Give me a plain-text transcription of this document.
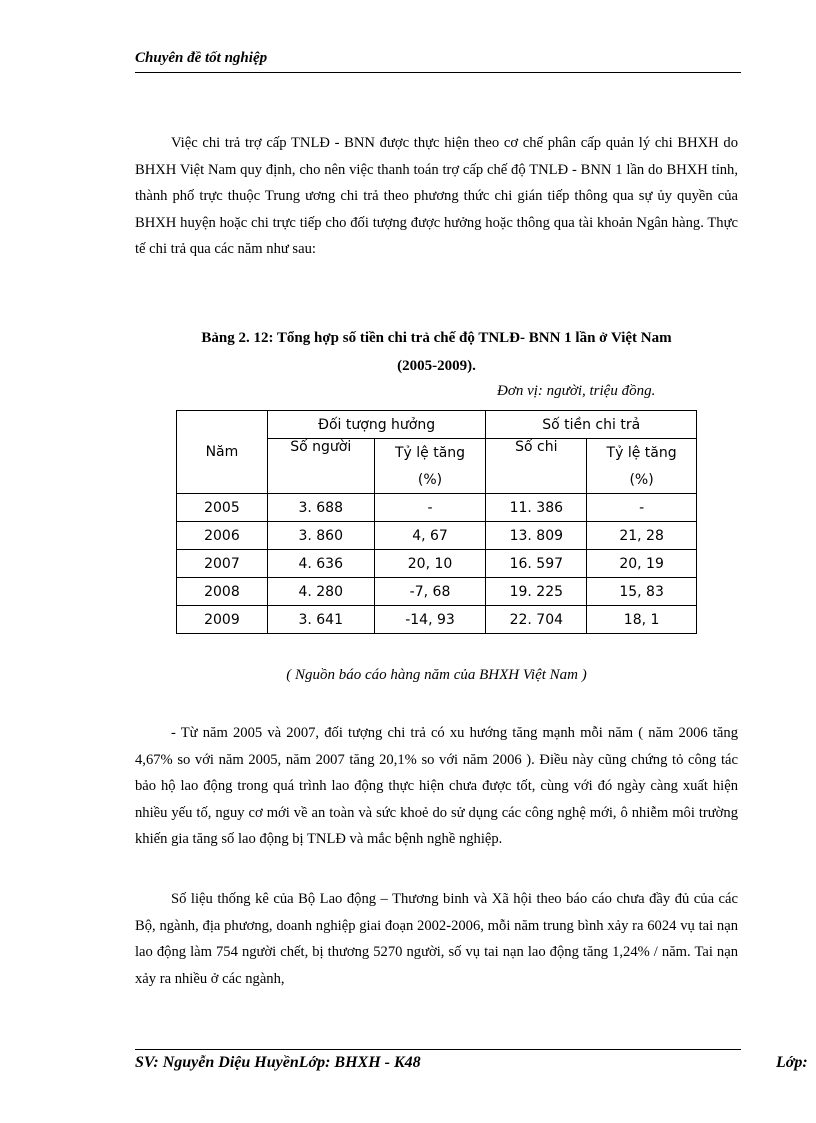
Chuyên đề tốt nghiệp

Việc chi trả trợ cấp TNLĐ - BNN được thực hiện theo cơ chế phân cấp quản lý chi BHXH do BHXH Việt Nam quy định, cho nên việc thanh toán trợ cấp chế độ TNLĐ - BNN 1 lần do BHXH tỉnh, thành phố trực thuộc Trung ương chi trả theo phương thức chi gián tiếp thông qua sự ủy quyền của BHXH huyện hoặc chi trực tiếp cho đối tượng được hưởng hoặc thông qua tài khoản Ngân hàng. Thực tế chi trả qua các năm như sau:

Bảng 2. 12: Tổng hợp số tiền chi trả chế độ TNLĐ- BNN 1 lần ở Việt Nam
(2005-2009).
Đơn vị: người, triệu đồng.
Năm	Đối tượng hưởng		Số tiền chi trả	
	Số người	Tỷ lệ tăng	Số chi	Tỷ lệ tăng
		(%)		(%)
2005	3. 688	-	11. 386	-
2006	3. 860	4, 67	13. 809	21, 28
2007	4. 636	20, 10	16. 597	20, 19
2008	4. 280	-7, 68	19. 225	15, 83
2009	3. 641	-14, 93	22. 704	18, 1
( Nguồn báo cáo hàng năm của BHXH Việt Nam )

- Từ năm 2005 và 2007, đối tượng chi trả có xu hướng tăng mạnh mỗi năm ( năm 2006 tăng 4,67% so với năm 2005, năm 2007 tăng 20,1% so với năm 2006 ). Điều này cũng chứng tỏ công tác bảo hộ lao động trong quá trình lao động thực hiện chưa được tốt, cùng với đó ngày càng xuất hiện nhiều yếu tố, nguy cơ mới về an toàn và sức khoẻ do sử dụng các công nghệ mới, ô nhiễm môi trường khiến gia tăng số lao động bị TNLĐ và mắc bệnh nghề nghiệp.

Số liệu thống kê của Bộ Lao động – Thương binh và Xã hội theo báo cáo chưa đầy đủ của các Bộ, ngành, địa phương, doanh nghiệp giai đoạn 2002-2006, mỗi năm trung bình xảy ra 6024 vụ tai nạn lao động làm 754 người chết, bị thương 5270 người, số vụ tai nạn lao động tăng 1,24% / năm. Tai nạn xảy ra nhiều ở các ngành,

SV: Nguyễn Diệu HuyềnLớp: BHXH - K48	Lớp:
